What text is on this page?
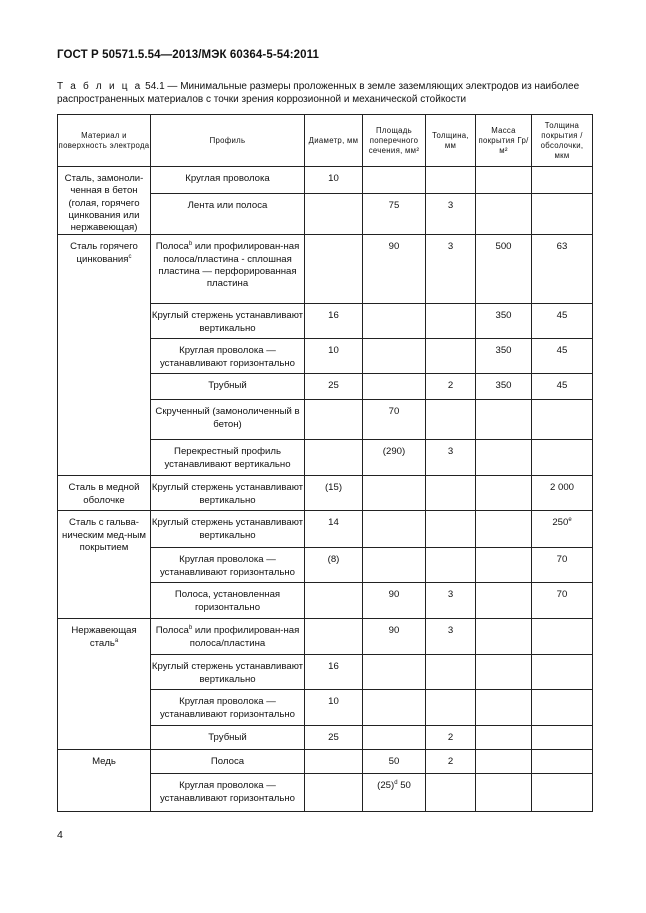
ГОСТ Р 50571.5.54—2013/МЭК 60364-5-54:2011
Т а б л и ц а 54.1 — Минимальные размеры проложенных в земле заземляющих электродов из наиболее распространенных материалов с точки зрения коррозионной и механической стойкости
Материал и поверхность электрода	Профиль	Диаметр, мм	Площадь поперечного сечения, мм²	Толщина, мм	Масса покрытия Гр/м²	Толщина покрытия / обсолочки, мкм
Сталь, замоноли-ченная в бетон (голая, горячего цинкования или нержавеющая)	Круглая проволока	10				
	Лента или полоса		75	3		
Сталь горячего цинкования$^с$	Полоса$^b$ или профилирован-ная полоса/пластина - сплошная пластина — перфорированная пластина		90	3	500	63
	Круглый стержень устанавливают вертикально	16			350	45
	Круглая проволока — устанавливают горизонтально	10			350	45
	Трубный	25		2	350	45
	Скрученный (замоноличенный в бетон)		70			
	Перекрестный профиль устанавливают вертикально		(290)	3		
Сталь в медной оболочке	Круглый стержень устанавливают вертикально	(15)				2 000
Сталь с гальва-ническим мед-ным покрытием	Круглый стержень устанавливают вертикально	14				250e
	Круглая проволока — устанавливают горизонтально	(8)				70
	Полоса, установленная горизонтально		90	3		70
Нержавеющая сталь$^a$	Полоса$^b$ или профилирован-ная полоса/пластина		90	3		
	Круглый стержень устанавливают вертикально	16				
	Круглая проволока — устанавливают горизонтально	10				
	Трубный	25		2		
Медь	Полоса		50	2		
	Круглая проволока — устанавливают горизонтально		$(25)^d$ 50			
4
